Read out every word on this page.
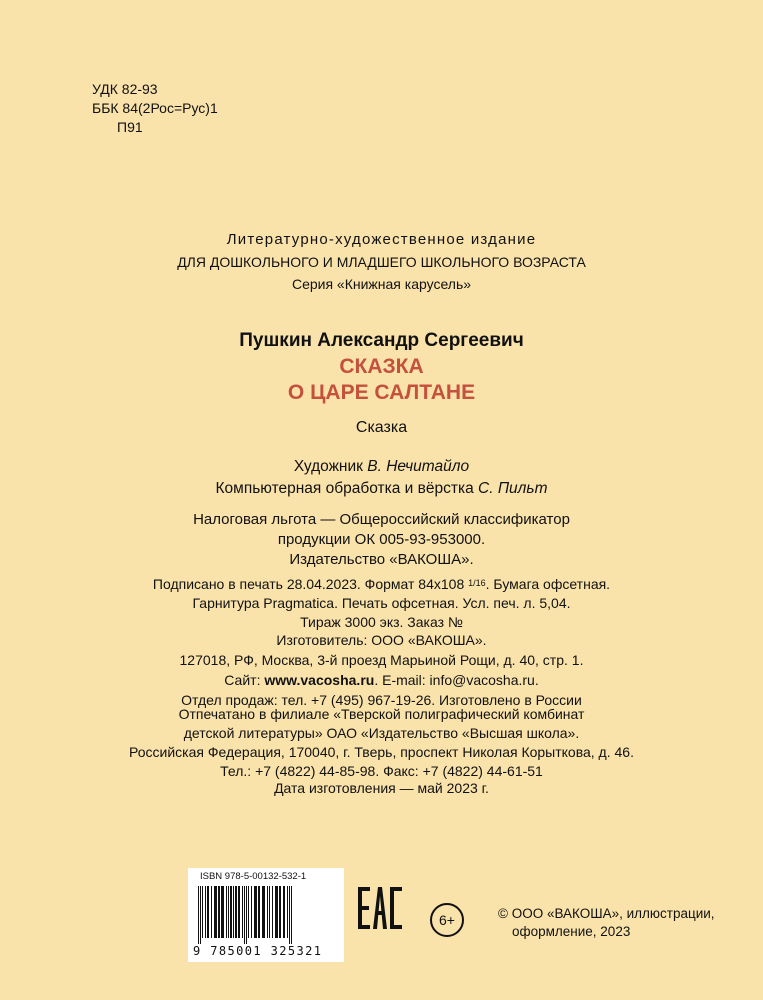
УДК 82-93
ББК 84(2Рос=Рус)1
П91
Литературно-художественное издание
ДЛЯ ДОШКОЛЬНОГО И МЛАДШЕГО ШКОЛЬНОГО ВОЗРАСТА
Серия «Книжная карусель»
Пушкин Александр Сергеевич
СКАЗКА
О ЦАРЕ САЛТАНЕ
Сказка
Художник В. Нечитайло
Компьютерная обработка и вёрстка С. Пильт
Налоговая льгота — Общероссийский классификатор
продукции ОК 005-93-953000.
Издательство «ВАКОША».
Подписано в печать 28.04.2023. Формат 84х108 $^{1/16}$. Бумага офсетная.
Гарнитура Pragmatica. Печать офсетная. Усл. печ. л. 5,04.
Тираж 3000 экз. Заказ №
Изготовитель: ООО «ВАКОША».
127018, РФ, Москва, 3-й проезд Марьиной Рощи, д. 40, стр. 1.
Сайт: www.vacosha.ru. E-mail: info@vacosha.ru.
Отдел продаж: тел. +7 (495) 967-19-26. Изготовлено в России
Отпечатано в филиале «Тверской полиграфический комбинат
детской литературы» ОАО «Издательство «Высшая школа».
Российская Федерация, 170040, г. Тверь, проспект Николая Корыткова, д. 46.
Тел.: +7 (4822) 44-85-98. Факс: +7 (4822) 44-61-51
Дата изготовления — май 2023 г.
ISBN 978-5-00132-532-1
9 785001 325321
6+	© ООО «ВАКОША», иллюстрации,
оформление, 2023
